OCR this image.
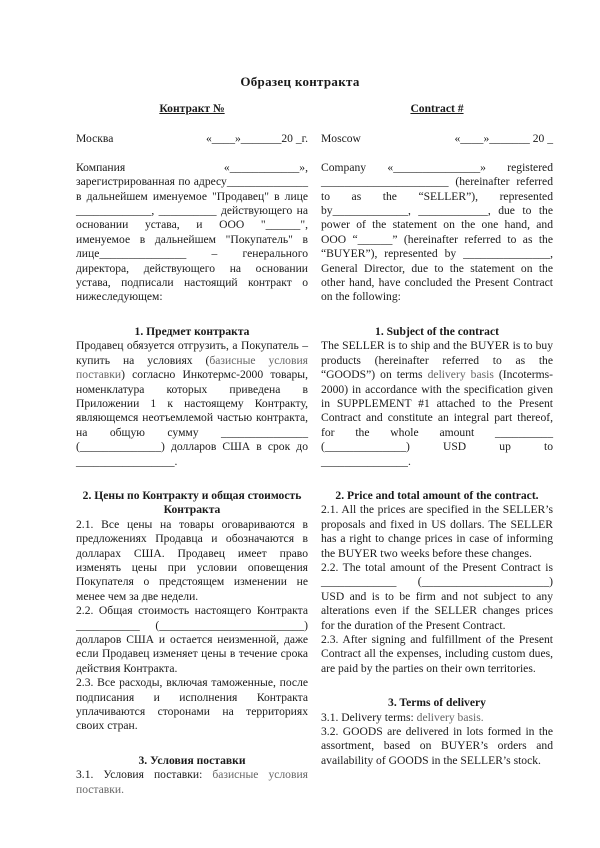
Образец контракта
Контракт №
Москва	«____»_______20 _г.

Компания «____________», зарегистрированная по адресу______________ в дальнейшем именуемое "Продавец" в лице _____________, __________ действующего на основании устава, и ООО "______", именуемое в дальнейшем "Покупатель" в лице_______________ – генерального директора, действующего на основании устава, подписали настоящий контракт о нижеследующем:

1. Предмет контракта

Продавец обязуется отгрузить, а Покупатель – купить на условиях (базисные условия поставки) согласно Инкотермс-2000 товары, номенклатура которых приведена в Приложении 1 к настоящему Контракту, являющемся неотъемлемой частью контракта, на общую сумму _______________ (______________) долларов США в срок до _________________.

2. Цены по Контракту и общая стоимость Контракта

2.1. Все цены на товары оговариваются в предложениях Продавца и обозначаются в долларах США. Продавец имеет право изменять цены при условии оповещения Покупателя о предстоящем изменении не менее чем за две недели.

2.2. Общая стоимость настоящего Контракта ___________ (_________________________) долларов США и остается неизменной, даже если Продавец изменяет цены в течение срока действия Контракта.

2.3. Все расходы, включая таможенные, после подписания и исполнения Контракта уплачиваются сторонами на территориях своих стран.

3. Условия поставки

3.1. Условия поставки: базисные условия поставки.

Contract #
Moscow	«____»_______ 20 _

Company «_______________» registered ______________________ (hereinafter referred to as the “SELLER”), represented by_____________, ____________, due to the power of the statement on the one hand, and OOO “______” (hereinafter referred to as the “BUYER”), represented by _______________, General Director, due to the statement on the other hand, have concluded the Present Contract on the following:

1. Subject of the contract

The SELLER is to ship and the BUYER is to buy products (hereinafter referred to as the “GOODS”) on terms delivery basis (Incoterms-2000) in accordance with the specification given in SUPPLEMENT #1 attached to the Present Contract and constitute an integral part thereof, for the whole amount __________ (______________) USD up to _______________.

2. Price and total amount of the contract.

2.1. All the prices are specified in the SELLER’s proposals and fixed in US dollars. The SELLER has a right to change prices in case of informing the BUYER two weeks before these changes.

2.2. The total amount of the Present Contract is _____________ (______________________) USD and is to be firm and not subject to any alterations even if the SELLER changes prices for the duration of the Present Contract.

2.3. After signing and fulfillment of the Present Contract all the expenses, including custom dues, are paid by the parties on their own territories.

3. Terms of delivery

3.1. Delivery terms: delivery basis.

3.2. GOODS are delivered in lots formed in the assortment, based on BUYER’s orders and availability of GOODS in the SELLER’s stock.
